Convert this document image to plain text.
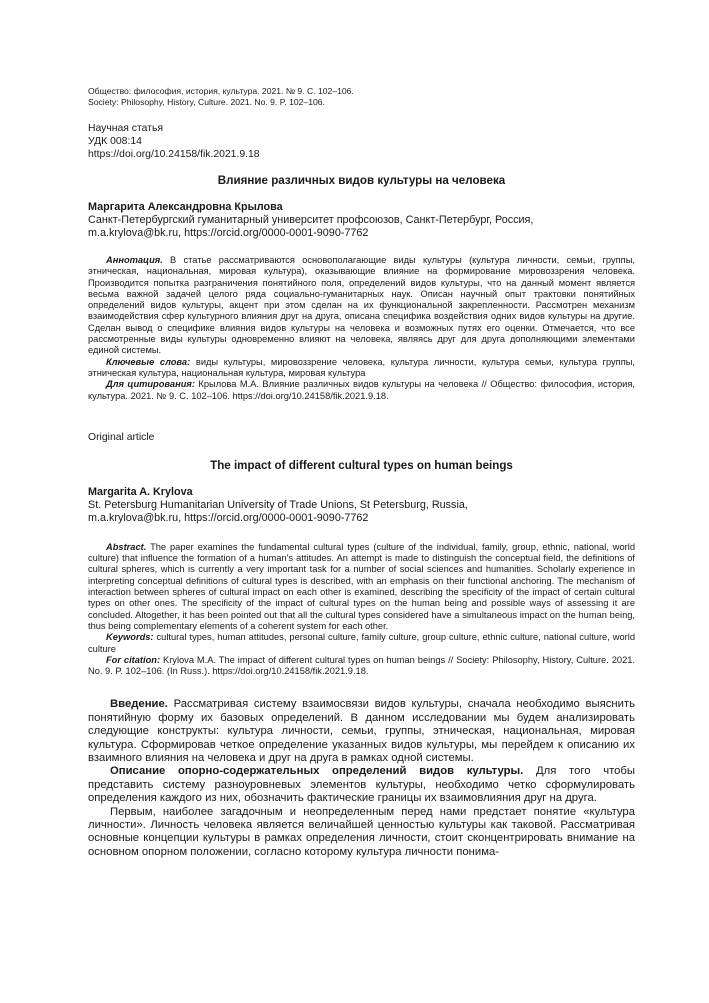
Общество: философия, история, культура. 2021. № 9. С. 102–106.
Society: Philosophy, History, Culture. 2021. No. 9. P. 102–106.
Научная статья
УДК 008:14
https://doi.org/10.24158/fik.2021.9.18
Влияние различных видов культуры на человека
Маргарита Александровна Крылова
Санкт-Петербургский гуманитарный университет профсоюзов, Санкт-Петербург, Россия,
m.a.krylova@bk.ru, https://orcid.org/0000-0001-9090-7762

Аннотация. В статье рассматриваются основополагающие виды культуры (культура личности, семьи, группы, этническая, национальная, мировая культура), оказывающие влияние на формирование мировоззрения человека. Производится попытка разграничения понятийного поля, определений видов культуры, что на данный момент является весьма важной задачей целого ряда социально-гуманитарных наук. Описан научный опыт трактовки понятийных определений видов культуры, акцент при этом сделан на их функциональной закрепленности. Рассмотрен механизм взаимодействия сфер культурного влияния друг на друга, описана специфика воздействия одних видов культуры на другие. Сделан вывод о специфике влияния видов культуры на человека и возможных путях его оценки. Отмечается, что все рассмотренные виды культуры одновременно влияют на человека, являясь друг для друга дополняющими элементами единой системы.

Ключевые слова: виды культуры, мировоззрение человека, культура личности, культура семьи, культура группы, этническая культура, национальная культура, мировая культура

Для цитирования: Крылова М.А. Влияние различных видов культуры на человека // Общество: философия, история, культура. 2021. № 9. С. 102–106. https://doi.org/10.24158/fik.2021.9.18.

Original article
The impact of different cultural types on human beings
Margarita A. Krylova
St. Petersburg Humanitarian University of Trade Unions, St Petersburg, Russia,
m.a.krylova@bk.ru, https://orcid.org/0000-0001-9090-7762

Abstract. The paper examines the fundamental cultural types (culture of the individual, family, group, ethnic, national, world culture) that influence the formation of a human's attitudes. An attempt is made to distinguish the conceptual field, the definitions of cultural spheres, which is currently a very important task for a number of social sciences and humanities. Scholarly experience in interpreting conceptual definitions of cultural types is described, with an emphasis on their functional anchoring. The mechanism of interaction between spheres of cultural impact on each other is examined, describing the specificity of the impact of certain cultural types on other ones. The specificity of the impact of cultural types on the human being and possible ways of assessing it are concluded. Altogether, it has been pointed out that all the cultural types considered have a simultaneous impact on the human being, thus being complementary elements of a coherent system for each other.

Keywords: cultural types, human attitudes, personal culture, family culture, group culture, ethnic culture, national culture, world culture

For citation: Krylova M.A. The impact of different cultural types on human beings // Society: Philosophy, History, Culture. 2021. No. 9. P. 102–106. (In Russ.). https://doi.org/10.24158/fik.2021.9.18.

Введение. Рассматривая систему взаимосвязи видов культуры, сначала необходимо выяснить понятийную форму их базовых определений. В данном исследовании мы будем анализировать следующие конструкты: культура личности, семьи, группы, этническая, национальная, мировая культура. Сформировав четкое определение указанных видов культуры, мы перейдем к описанию их взаимного влияния на человека и друг на друга в рамках одной системы.

Описание опорно-содержательных определений видов культуры. Для того чтобы представить систему разноуровневых элементов культуры, необходимо четко сформулировать определения каждого из них, обозначить фактические границы их взаимовлияния друг на друга.

Первым, наиболее загадочным и неопределенным перед нами предстает понятие «культура личности». Личность человека является величайшей ценностью культуры как таковой. Рассматривая основные концепции культуры в рамках определения личности, стоит сконцентрировать внимание на основном опорном положении, согласно которому культура личности понима-
